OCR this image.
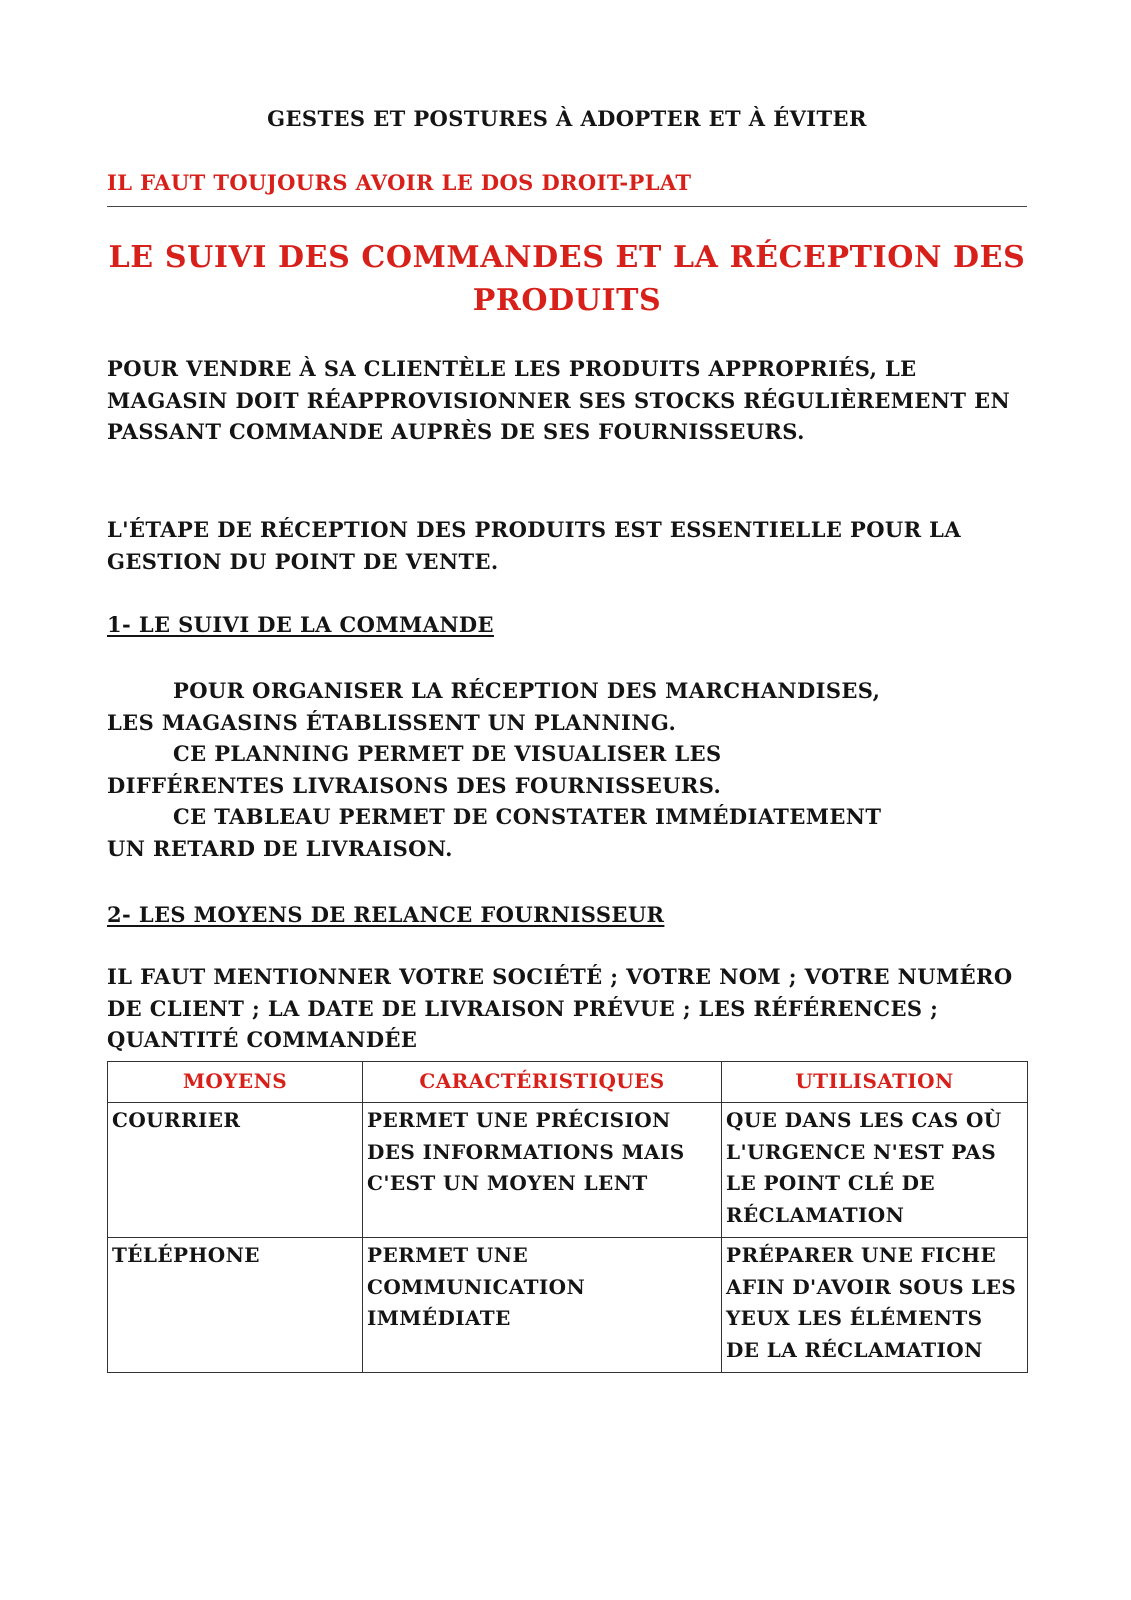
GESTES ET POSTURES À ADOPTER ET À ÉVITER

IL FAUT TOUJOURS AVOIR LE DOS DROIT-PLAT

LE SUIVI DES COMMANDES ET LA RÉCEPTION DES PRODUITS

POUR VENDRE À SA CLIENTÈLE LES PRODUITS APPROPRIÉS, LE MAGASIN DOIT RÉAPPROVISIONNER SES STOCKS RÉGULIÈREMENT EN PASSANT COMMANDE AUPRÈS DE SES FOURNISSEURS.

L'ÉTAPE DE RÉCEPTION DES PRODUITS EST ESSENTIELLE POUR LA GESTION DU POINT DE VENTE.

1- LE SUIVI DE LA COMMANDE
POUR ORGANISER LA RÉCEPTION DES MARCHANDISES,
LES MAGASINS ÉTABLISSENT UN PLANNING.
CE PLANNING PERMET DE VISUALISER LES
DIFFÉRENTES LIVRAISONS DES FOURNISSEURS.
CE TABLEAU PERMET DE CONSTATER IMMÉDIATEMENT
UN RETARD DE LIVRAISON.
2- LES MOYENS DE RELANCE FOURNISSEUR

IL FAUT MENTIONNER VOTRE SOCIÉTÉ ; VOTRE NOM ; VOTRE NUMÉRO DE CLIENT ; LA DATE DE LIVRAISON PRÉVUE ; LES RÉFÉRENCES ; QUANTITÉ COMMANDÉE

MOYENS	CARACTÉRISTIQUES	UTILISATION
COURRIER	PERMET UNE PRÉCISION DES INFORMATIONS MAIS C'EST UN MOYEN LENT	QUE DANS LES CAS OÙ L'URGENCE N'EST PAS LE POINT CLÉ DE RÉCLAMATION
TÉLÉPHONE	PERMET UNE COMMUNICATION IMMÉDIATE	PRÉPARER UNE FICHE AFIN D'AVOIR SOUS LES YEUX LES ÉLÉMENTS DE LA RÉCLAMATION
